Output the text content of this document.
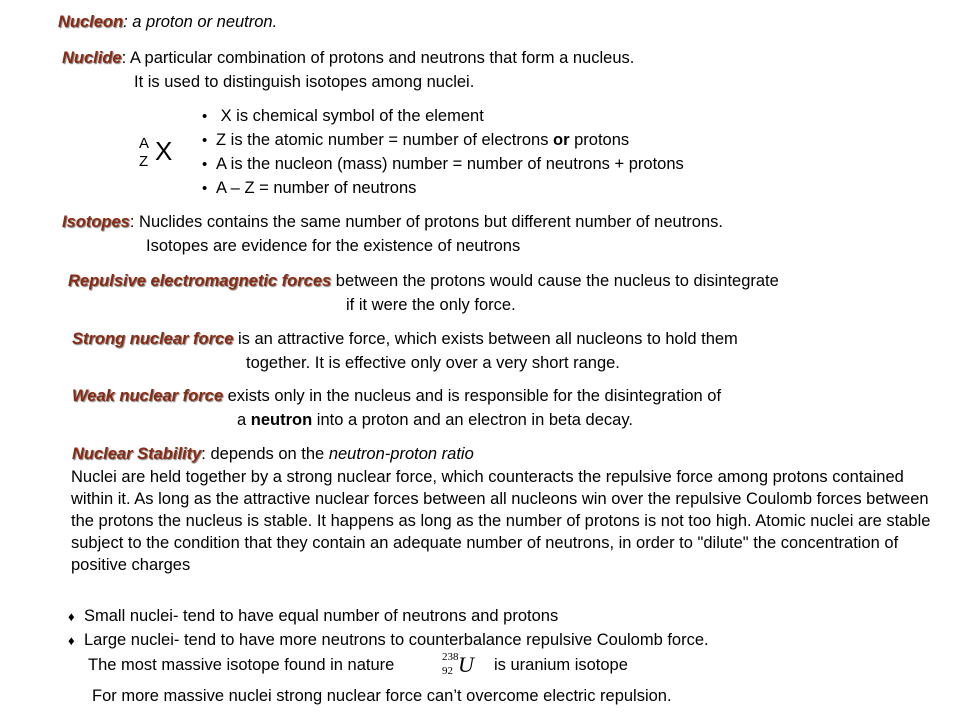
Nucleon: a proton or neutron.
Nuclide: A particular combination of protons and neutrons that form a nucleus.
It is used to distinguish isotopes among nuclei.
A
Z X
• X is chemical symbol of the element
• Z is the atomic number = number of electrons or protons
• A is the nucleon (mass) number = number of neutrons + protons
• A – Z = number of neutrons
Isotopes: Nuclides contains the same number of protons but different number of neutrons.
Isotopes are evidence for the existence of neutrons
Repulsive electromagnetic forces between the protons would cause the nucleus to disintegrate
if it were the only force.
Strong nuclear force is an attractive force, which exists between all nucleons to hold them
together. It is effective only over a very short range.
Weak nuclear force exists only in the nucleus and is responsible for the disintegration of
a neutron into a proton and an electron in beta decay.
Nuclear Stability: depends on the neutron-proton ratio
Nuclei are held together by a strong nuclear force, which counteracts the repulsive force among protons contained within it. As long as the attractive nuclear forces between all nucleons win over the repulsive Coulomb forces between the protons the nucleus is stable. It happens as long as the number of protons is not too high. Atomic nuclei are stable subject to the condition that they contain an adequate number of neutrons, in order to "dilute" the concentration of positive charges
♦ Small nuclei- tend to have equal number of neutrons and protons
♦ Large nuclei- tend to have more neutrons to counterbalance repulsive Coulomb force.
The most massive isotope found in nature	238
92 U is uranium isotope
For more massive nuclei strong nuclear force can’t overcome electric repulsion.
